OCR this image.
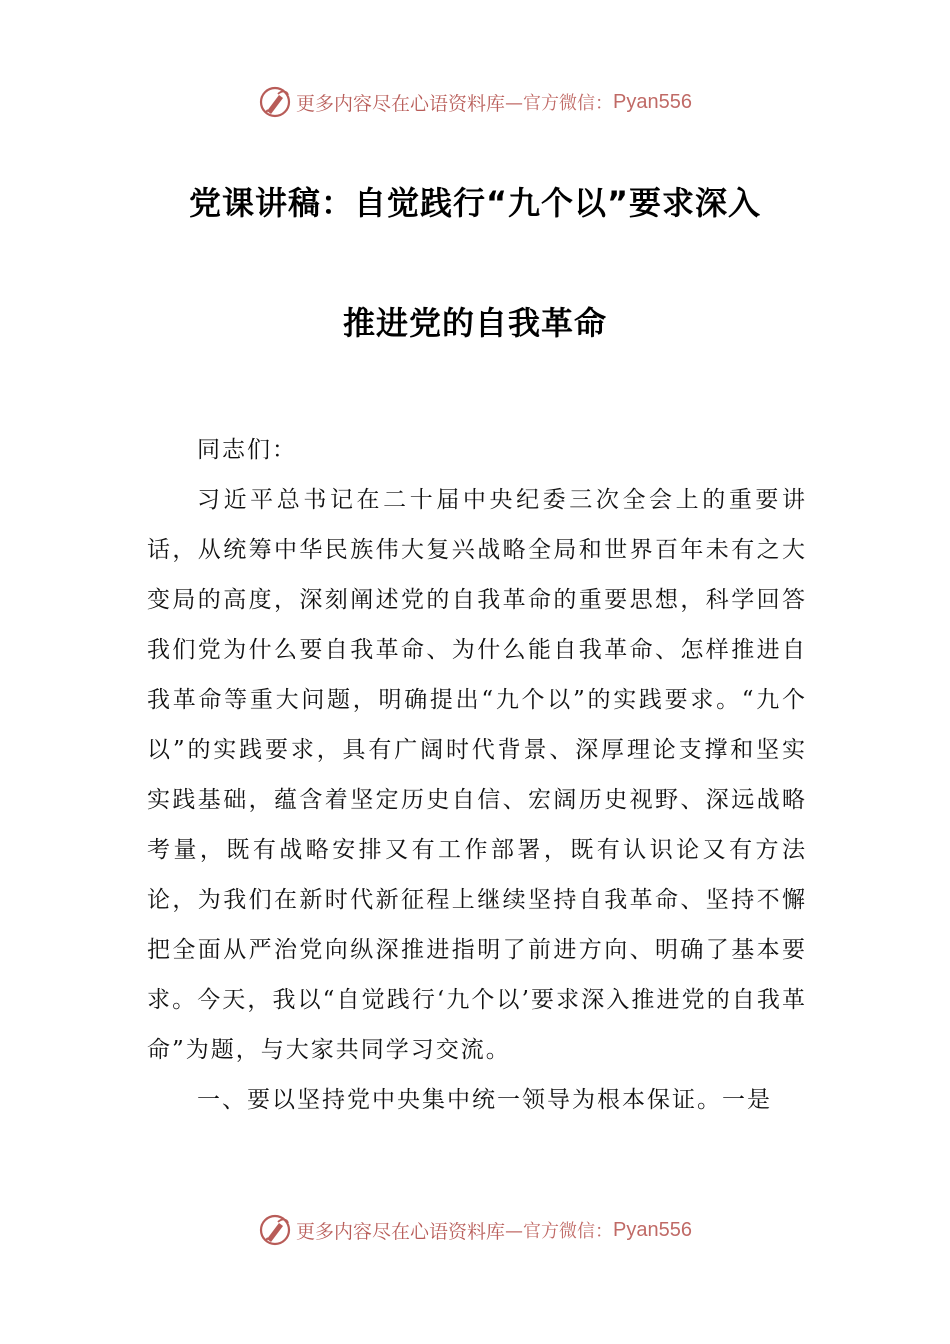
更多内容尽在心语资料库 —官方微信： Pyan556
党课讲稿：自觉践行“九个以”要求深入
推进党的自我革命

同志们：

习近平总书记在二十届中央纪委三次全会上的重要讲话，从统筹中华民族伟大复兴战略全局和世界百年未有之大变局的高度，深刻阐述党的自我革命的重要思想，科学回答我们党为什么要自我革命、为什么能自我革命、怎样推进自我革命等重大问题，明确提出“九个以”的实践要求。“九个以”的实践要求，具有广阔时代背景、深厚理论支撑和坚实实践基础，蕴含着坚定历史自信、宏阔历史视野、深远战略考量，既有战略安排又有工作部署，既有认识论又有方法论，为我们在新时代新征程上继续坚持自我革命、坚持不懈把全面从严治党向纵深推进指明了前进方向、明确了基本要求。今天，我以“自觉践行‘九个以’要求深入推进党的自我革命”为题，与大家共同学习交流。

一、要以坚持党中央集中统一领导为根本保证。一是

更多内容尽在心语资料库 —官方微信： Pyan556
